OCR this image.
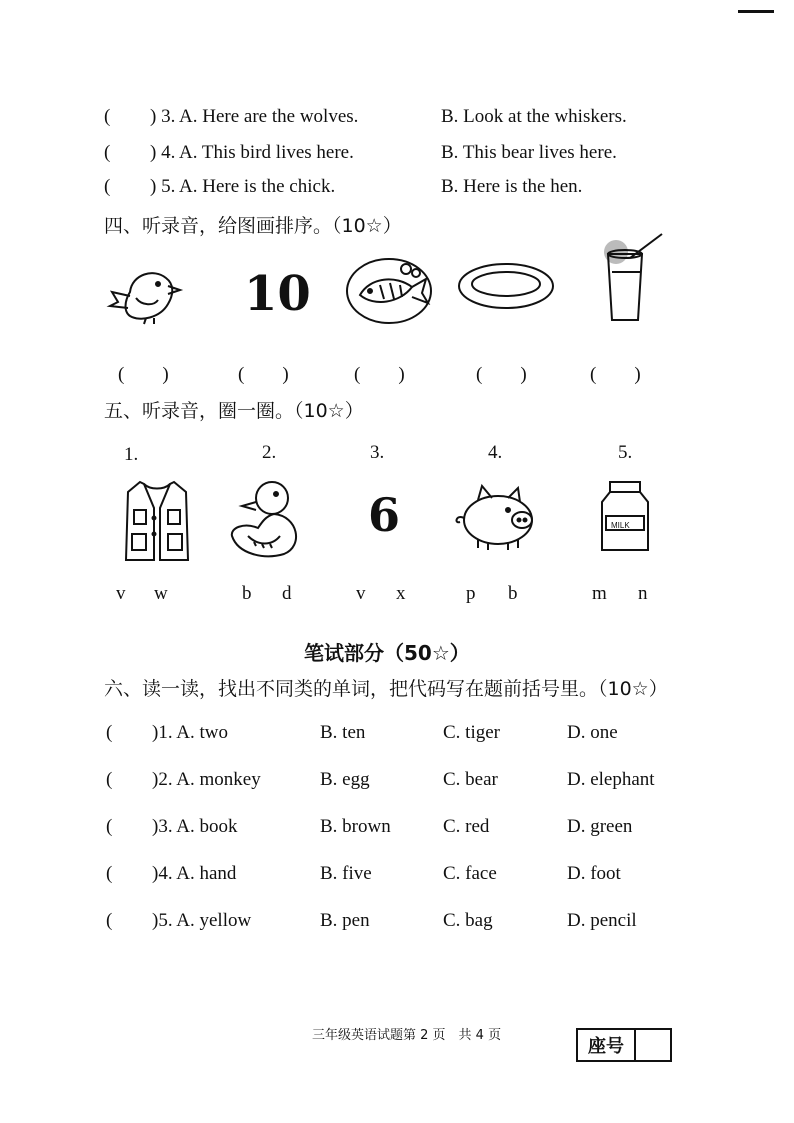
( ) 3. A. Here are the wolves.	B. Look at the whiskers.
( ) 4. A. This bird lives here.	B. This bear lives here.
( ) 5. A. Here is the chick.	B. Here is the hen.
四、听录音，给图画排序。（10☆）
10
(　　)	(　　)	(　　)	(　　)	(　　)
五、听录音，圈一圈。（10☆）
1.	2.	3.	4.	5.
6	MILK
v w	b d	v x	p b	m n
笔试部分（50☆）
六、读一读，找出不同类的单词，把代码写在题前括号里。（10☆）
( )1. A. two	B. ten	C. tiger	D. one
( )2. A. monkey	B. egg	C. bear	D. elephant
( )3. A. book	B. brown	C. red	D. green
( )4. A. hand	B. five	C. face	D. foot
( )5. A. yellow	B. pen	C. bag	D. pencil
三年级英语试题第 2 页　共 4 页
座号
